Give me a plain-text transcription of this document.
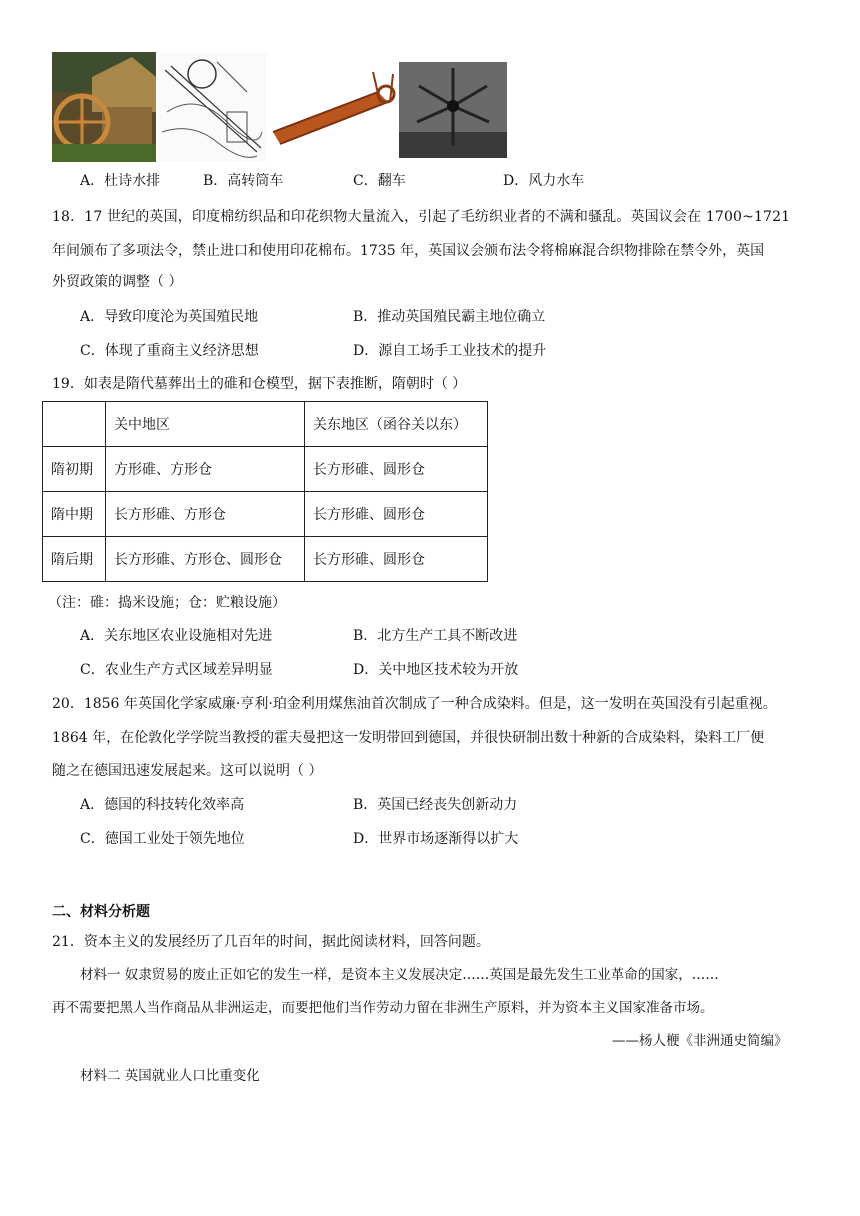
A．杜诗水排	B．高转筒车	C．翻车	D．风力水车
18．17 世纪的英国，印度棉纺织品和印花织物大量流入，引起了毛纺织业者的不满和骚乱。英国议会在 1700~1721
年间颁布了多项法令，禁止进口和使用印花棉布。1735 年，英国议会颁布法令将棉麻混合织物排除在禁令外，英国
外贸政策的调整（ ）
A．导致印度沦为英国殖民地	B．推动英国殖民霸主地位确立
C．体现了重商主义经济思想	D．源自工场手工业技术的提升
19．如表是隋代墓葬出土的碓和仓模型，据下表推断，隋朝时（ ）
	关中地区	关东地区（函谷关以东）
隋初期	方形碓、方形仓	长方形碓、圆形仓
隋中期	长方形碓、方形仓	长方形碓、圆形仓
隋后期	长方形碓、方形仓、圆形仓	长方形碓、圆形仓
（注：碓：捣米设施；仓：贮粮设施）
A．关东地区农业设施相对先进	B．北方生产工具不断改进
C．农业生产方式区域差异明显	D．关中地区技术较为开放
20．1856 年英国化学家威廉·亨利·珀金利用煤焦油首次制成了一种合成染料。但是，这一发明在英国没有引起重视。
1864 年，在伦敦化学学院当教授的霍夫曼把这一发明带回到德国，并很快研制出数十种新的合成染料，染料工厂便
随之在德国迅速发展起来。这可以说明（ ）
A．德国的科技转化效率高	B．英国已经丧失创新动力
C．德国工业处于领先地位	D．世界市场逐渐得以扩大
二、材料分析题
21．资本主义的发展经历了几百年的时间，据此阅读材料，回答问题。
材料一 奴隶贸易的废止正如它的发生一样，是资本主义发展决定……英国是最先发生工业革命的国家，……
再不需要把黑人当作商品从非洲运走，而要把他们当作劳动力留在非洲生产原料，并为资本主义国家准备市场。
——杨人楩《非洲通史简编》
材料二 英国就业人口比重变化
